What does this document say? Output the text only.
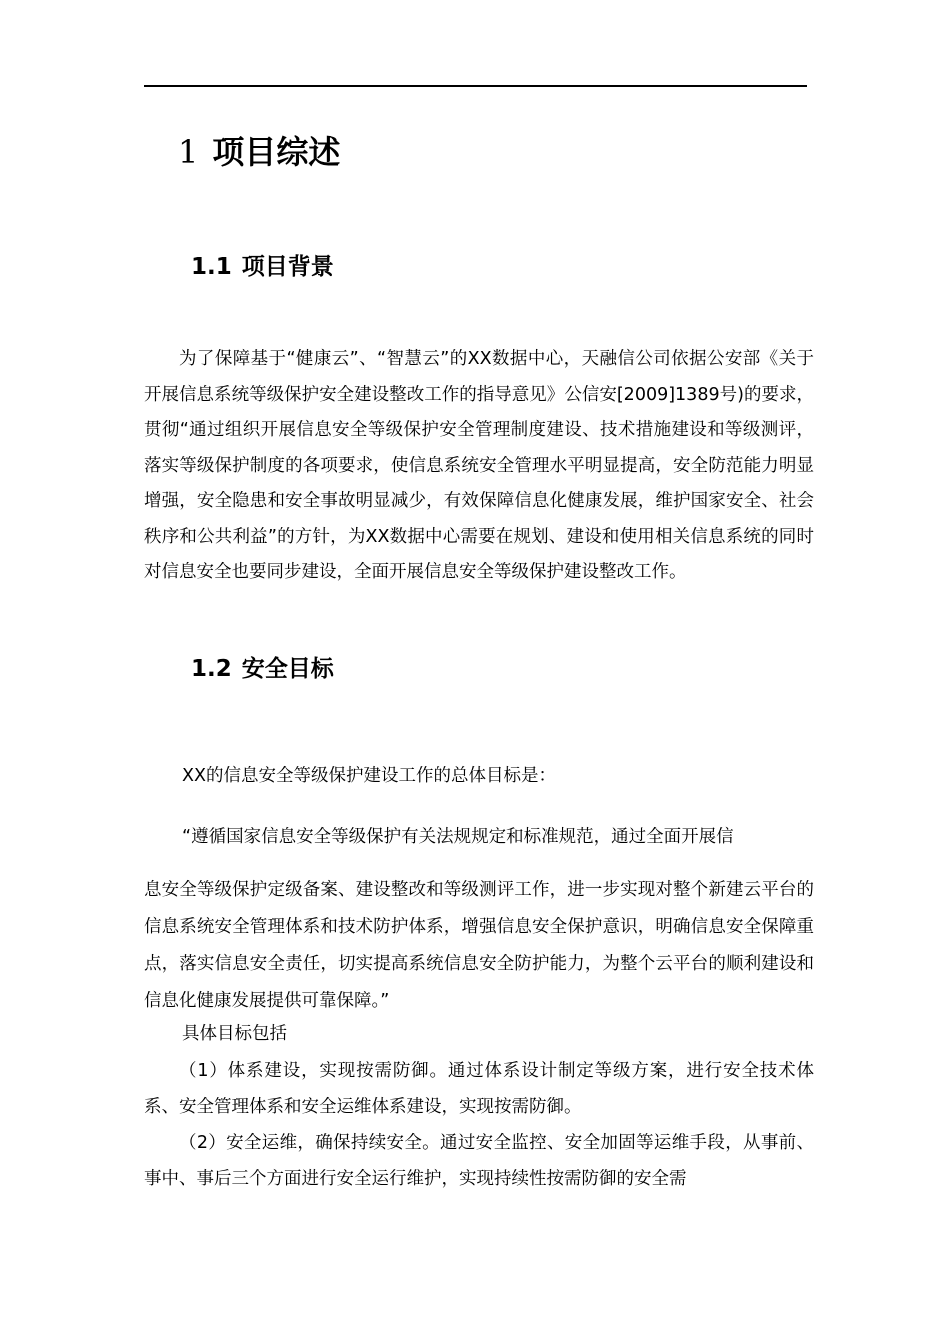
1 项目综述
1.1 项目背景
为了保障基于“健康云”、“智慧云”的XX数据中心，天融信公司依据公安部《关于开展信息系统等级保护安全建设整改工作的指导意见》公信安[2009]1389号)的要求，贯彻“通过组织开展信息安全等级保护安全管理制度建设、技术措施建设和等级测评，落实等级保护制度的各项要求，使信息系统安全管理水平明显提高，安全防范能力明显增强，安全隐患和安全事故明显减少，有效保障信息化健康发展，维护国家安全、社会秩序和公共利益”的方针，为XX数据中心需要在规划、建设和使用相关信息系统的同时对信息安全也要同步建设，全面开展信息安全等级保护建设整改工作。
1.2 安全目标
XX的信息安全等级保护建设工作的总体目标是：
“遵循国家信息安全等级保护有关法规规定和标准规范，通过全面开展信
息安全等级保护定级备案、建设整改和等级测评工作，进一步实现对整个新建云平台的信息系统安全管理体系和技术防护体系，增强信息安全保护意识，明确信息安全保障重点，落实信息安全责任，切实提高系统信息安全防护能力，为整个云平台的顺利建设和信息化健康发展提供可靠保障。”
具体目标包括
（1）体系建设，实现按需防御。通过体系设计制定等级方案，进行安全技术体系、安全管理体系和安全运维体系建设，实现按需防御。
（2）安全运维，确保持续安全。通过安全监控、安全加固等运维手段，从事前、事中、事后三个方面进行安全运行维护，实现持续性按需防御的安全需
